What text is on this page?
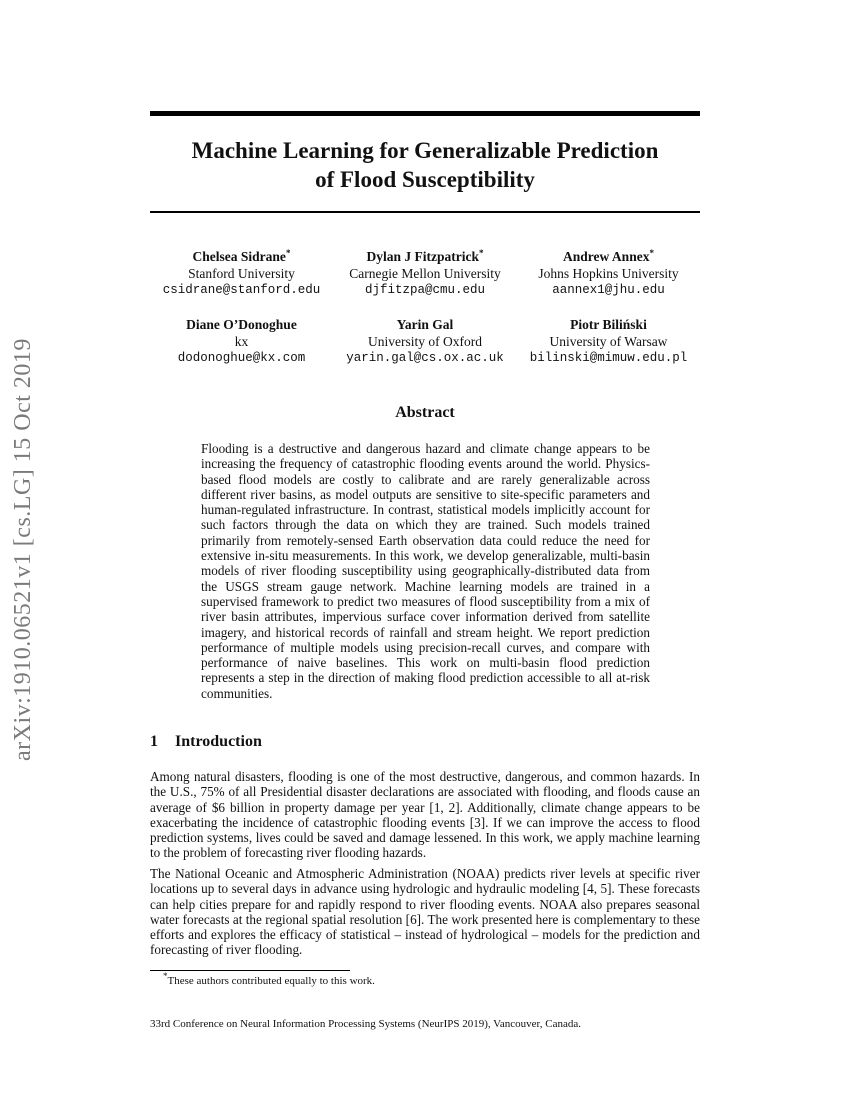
arXiv:1910.06521v1 [cs.LG] 15 Oct 2019
Machine Learning for Generalizable Prediction
of Flood Susceptibility
Chelsea Sidrane*
Stanford University
csidrane@stanford.edu
Dylan J Fitzpatrick*
Carnegie Mellon University
djfitzpa@cmu.edu
Andrew Annex*
Johns Hopkins University
aannex1@jhu.edu
Diane O’Donoghue
kx
dodonoghue@kx.com
Yarin Gal
University of Oxford
yarin.gal@cs.ox.ac.uk
Piotr Biliński
University of Warsaw
bilinski@mimuw.edu.pl
Abstract
Flooding is a destructive and dangerous hazard and climate change appears to be increasing the frequency of catastrophic flooding events around the world. Physics-based flood models are costly to calibrate and are rarely generalizable across different river basins, as model outputs are sensitive to site-specific parameters and human-regulated infrastructure. In contrast, statistical models implicitly account for such factors through the data on which they are trained. Such models trained primarily from remotely-sensed Earth observation data could reduce the need for extensive in-situ measurements. In this work, we develop generalizable, multi-basin models of river flooding susceptibility using geographically-distributed data from the USGS stream gauge network. Machine learning models are trained in a supervised framework to predict two measures of flood susceptibility from a mix of river basin attributes, impervious surface cover information derived from satellite imagery, and historical records of rainfall and stream height. We report prediction performance of multiple models using precision-recall curves, and compare with performance of naive baselines. This work on multi-basin flood prediction represents a step in the direction of making flood prediction accessible to all at-risk communities.
1 Introduction

Among natural disasters, flooding is one of the most destructive, dangerous, and common hazards. In the U.S., 75% of all Presidential disaster declarations are associated with flooding, and floods cause an average of $6 billion in property damage per year [1, 2]. Additionally, climate change appears to be exacerbating the incidence of catastrophic flooding events [3]. If we can improve the access to flood prediction systems, lives could be saved and damage lessened. In this work, we apply machine learning to the problem of forecasting river flooding hazards.

The National Oceanic and Atmospheric Administration (NOAA) predicts river levels at specific river locations up to several days in advance using hydrologic and hydraulic modeling [4, 5]. These forecasts can help cities prepare for and rapidly respond to river flooding events. NOAA also prepares seasonal water forecasts at the regional spatial resolution [6]. The work presented here is complementary to these efforts and explores the efficacy of statistical – instead of hydrological – models for the prediction and forecasting of river flooding.

*These authors contributed equally to this work.
33rd Conference on Neural Information Processing Systems (NeurIPS 2019), Vancouver, Canada.
